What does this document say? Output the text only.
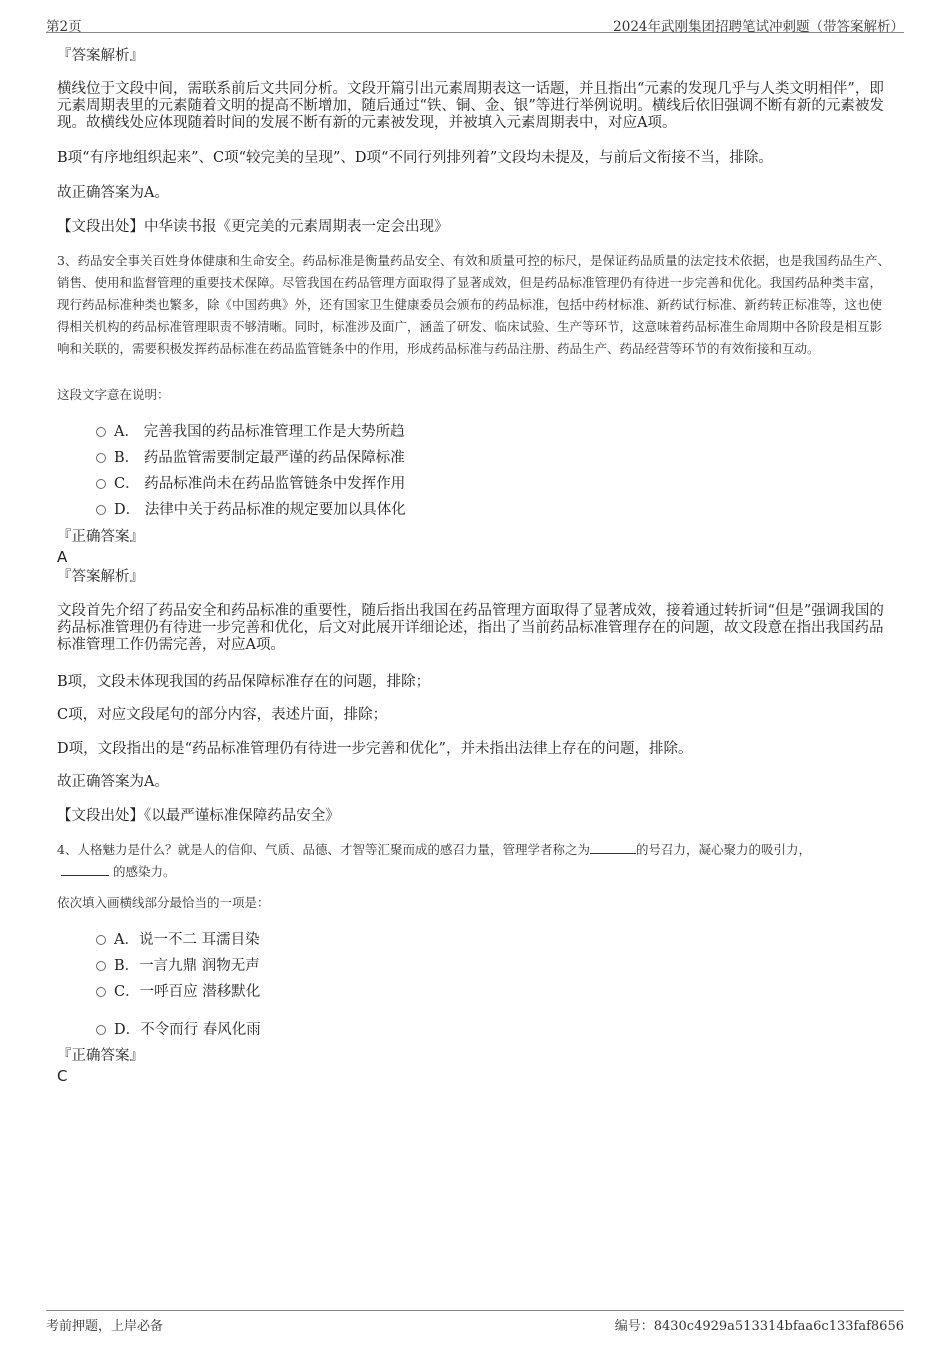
第2页	2024年武刚集团招聘笔试冲刺题（带答案解析）
『答案解析』
横线位于文段中间，需联系前后文共同分析。文段开篇引出元素周期表这一话题，并且指出“元素的发现几乎与人类文明相伴”，即元素周期表里的元素随着文明的提高不断增加，随后通过“铁、铜、金、银”等进行举例说明。横线后依旧强调不断有新的元素被发现。故横线处应体现随着时间的发展不断有新的元素被发现，并被填入元素周期表中，对应A项。
B项“有序地组织起来”、C项“较完美的呈现”、D项“不同行列排列着”文段均未提及，与前后文衔接不当，排除。
故正确答案为A。
【文段出处】中华读书报《更完美的元素周期表一定会出现》
3、药品安全事关百姓身体健康和生命安全。药品标准是衡量药品安全、有效和质量可控的标尺，是保证药品质量的法定技术依据，也是我国药品生产、销售、使用和监督管理的重要技术保障。尽管我国在药品管理方面取得了显著成效，但是药品标准管理仍有待进一步完善和优化。我国药品种类丰富，现行药品标准种类也繁多，除《中国药典》外，还有国家卫生健康委员会颁布的药品标准，包括中药材标准、新药试行标准、新药转正标准等，这也使得相关机构的药品标准管理职责不够清晰。同时，标准涉及面广，涵盖了研发、临床试验、生产等环节，这意味着药品标准生命周期中各阶段是相互影响和关联的，需要积极发挥药品标准在药品监管链条中的作用，形成药品标准与药品注册、药品生产、药品经营等环节的有效衔接和互动。
这段文字意在说明：
A． 完善我国的药品标准管理工作是大势所趋
B． 药品监管需要制定最严谨的药品保障标准
C． 药品标准尚未在药品监管链条中发挥作用
D． 法律中关于药品标准的规定要加以具体化
『正确答案』
A
『答案解析』
文段首先介绍了药品安全和药品标准的重要性，随后指出我国在药品管理方面取得了显著成效，接着通过转折词“但是”强调我国的药品标准管理仍有待进一步完善和优化，后文对此展开详细论述，指出了当前药品标准管理存在的问题，故文段意在指出我国药品标准管理工作仍需完善，对应A项。
B项，文段未体现我国的药品保障标准存在的问题，排除；
C项，对应文段尾句的部分内容，表述片面，排除；
D项，文段指出的是“药品标准管理仍有待进一步完善和优化”，并未指出法律上存在的问题，排除。
故正确答案为A。
【文段出处】《以最严谨标准保障药品安全》
4、人格魅力是什么？就是人的信仰、气质、品德、才智等汇聚而成的感召力量，管理学者称之为	的号召力，凝心聚力的吸引力，的感染力。
依次填入画横线部分最恰当的一项是：
A．说一不二 耳濡目染
B．一言九鼎 润物无声
C．一呼百应 潜移默化
D．不令而行 春风化雨
『正确答案』
C
考前押题，上岸必备	编号：8430c4929a513314bfaa6c133faf8656
